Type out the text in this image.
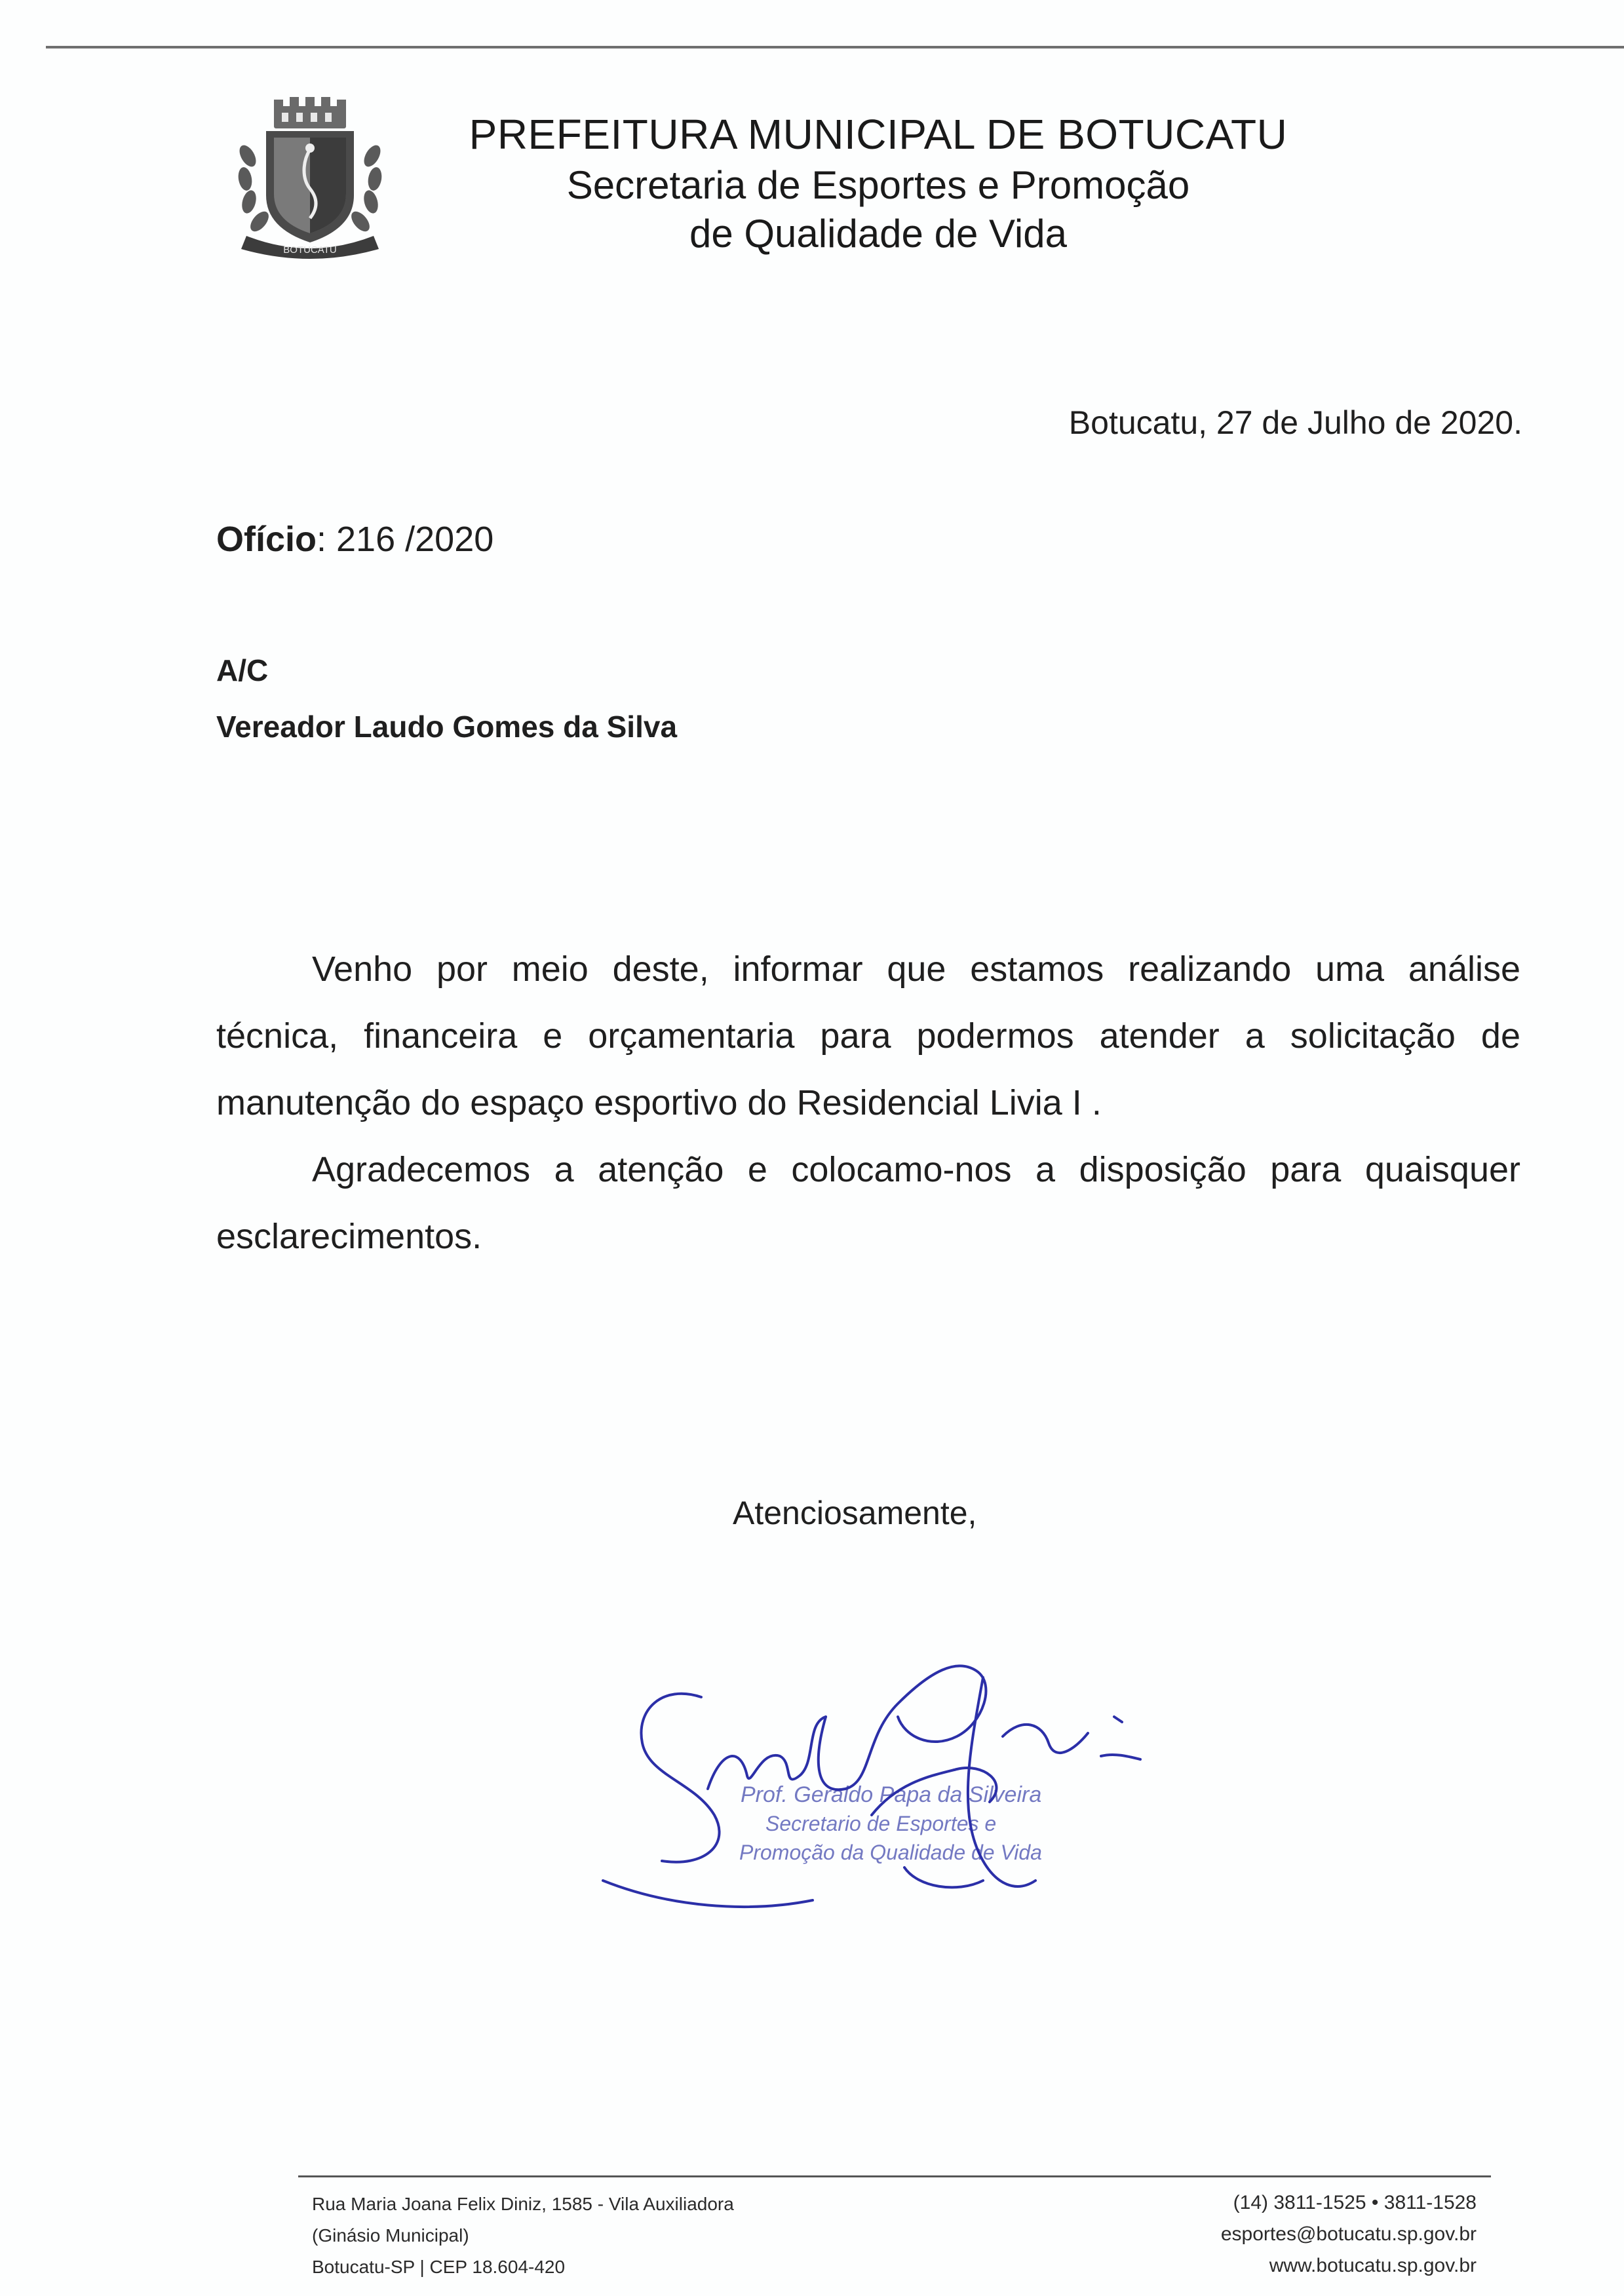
BOTUCATU
PREFEITURA MUNICIPAL DE BOTUCATU
Secretaria de Esportes e Promoção
de Qualidade de Vida
Botucatu, 27 de Julho de 2020.
Ofício: 216 /2020
A/C
Vereador Laudo Gomes da Silva

Venho por meio deste, informar que estamos realizando uma análise técnica, financeira e orçamentaria para podermos atender a solicitação de manutenção do espaço esportivo do Residencial Livia I .

Agradecemos a atenção e colocamo-nos a disposição para quaisquer esclarecimentos.

Atenciosamente,
Prof. Geraldo Papa da Silveira
Secretario de Esportes e
Promoção da Qualidade de Vida
Rua Maria Joana Felix Diniz, 1585 - Vila Auxiliadora
(Ginásio Municipal)
Botucatu-SP | CEP 18.604-420
(14) 3811-1525 • 3811-1528
esportes@botucatu.sp.gov.br
www.botucatu.sp.gov.br
